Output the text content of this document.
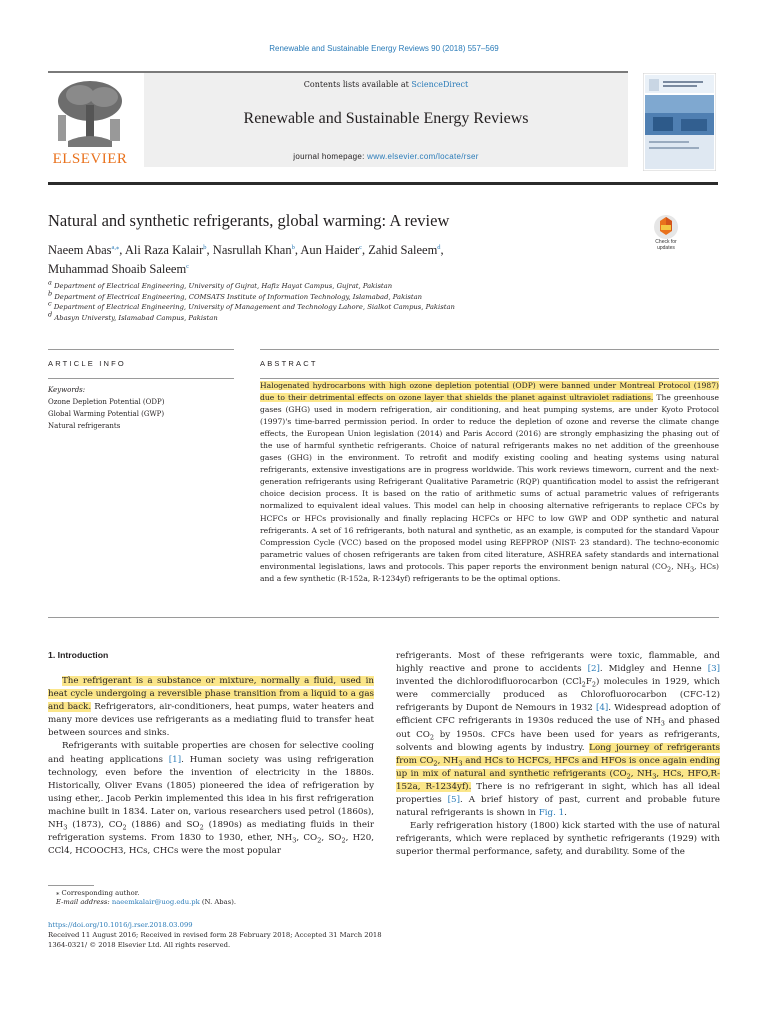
Renewable and Sustainable Energy Reviews 90 (2018) 557–569
ELSEVIER
Contents lists available at ScienceDirect
Renewable and Sustainable Energy Reviews
journal homepage: www.elsevier.com/locate/rser
Natural and synthetic refrigerants, global warming: A review
Check for updates
Naeem Abas$^{a,⁎}$, Ali Raza Kalair$^b$, Nasrullah Khan$^b$, Aun Haider$^c$, Zahid Saleem$^d$,
Muhammad Shoaib Saleem$^c$
$^a$ Department of Electrical Engineering, University of Gujrat, Hafiz Hayat Campus, Gujrat, Pakistan
$^b$ Department of Electrical Engineering, COMSATS Institute of Information Technology, Islamabad, Pakistan
$^c$ Department of Electrical Engineering, University of Management and Technology Lahore, Sialkot Campus, Pakistan
$^d$ Abasyn Universty, Islamabad Campus, Pakistan
ARTICLE INFO	ABSTRACT
Keywords:
Ozone Depletion Potential (ODP)
Global Warming Potential (GWP)
Natural refrigerants
Halogenated hydrocarbons with high ozone depletion potential (ODP) were banned under Montreal Protocol (1987) due to their detrimental effects on ozone layer that shields the planet against ultraviolet radiations. The greenhouse gases (GHG) used in modern refrigeration, air conditioning, and heat pumping systems, are under Kyoto Protocol (1997)'s time-barred permission period. In order to reduce the depletion of ozone and reverse the climate change effects, the European Union legislation (2014) and Paris Accord (2016) are strongly emphasizing the phasing out of the use of harmful synthetic refrigerants. Choice of natural refrigerants makes no net addition of the greenhouse gases (GHG) in the environment. To retrofit and modify existing cooling and heating systems using natural refrigerants, extensive investigations are in progress worldwide. This work reviews timeworn, current and the next-generation refrigerants using Refrigerant Qualitative Parametric (RQP) quantification model to assist the refrigerant choice decision process. It is based on the ratio of arithmetic sums of actual parametric values of refrigerants normalized to equivalent ideal values. This model can help in choosing alternative refrigerants to replace CFCs by HCFCs or HFCs provisionally and finally replacing HCFCs or HFC to low GWP and ODP synthetic and natural refrigerants. A set of 16 refrigerants, both natural and synthetic, as an example, is computed for the standard Vapour Compression Cycle (VCC) based on the proposed model using REFPROP (NIST- 23 standard). The techno-economic parametric values of chosen refrigerants are taken from cited literature, ASHREA safety standards and international environmental legislations, laws and protocols. This paper reports the environment benign natural ($CO_2$, $NH_3$, HCs) and a few synthetic (R-152a, R-1234yf) refrigerants to be the optimal options.
1. Introduction

The refrigerant is a substance or mixture, normally a fluid, used in heat cycle undergoing a reversible phase transition from a liquid to a gas and back. Refrigerators, air-conditioners, heat pumps, water heaters and many more devices use refrigerants as a mediating fluid to transfer heat between sources and sinks.

Refrigerants with suitable properties are chosen for selective cooling and heating applications [1]. Human society was using refrigeration technology, even before the invention of electricity in the 1880s. Historically, Oliver Evans (1805) pioneered the idea of refrigeration by using ether,. Jacob Perkin implemented this idea in his first refrigeration machine built in 1834. Later on, various researchers used petrol (1860s), $NH_3$ (1873), $CO_2$ (1886) and $SO_2$ (1890s) as mediating fluids in their refrigeration systems. From 1830 to 1930, ether, $NH_3$, $CO_2$, $SO_2$, H20, CCl4, HCOOCH3, HCs, CHCs were the most popular

refrigerants. Most of these refrigerants were toxic, flammable, and highly reactive and prone to accidents [2]. Midgley and Henne [3] invented the dichlorodifluorocarbon $(CCl_2F_2)$ molecules in 1929, which were commercially produced as Chlorofluorocarbon (CFC-12) refrigerants by Dupont de Nemours in 1932 [4]. Widespread adoption of efficient CFC refrigerants in 1930s reduced the use of $NH_3$ and phased out $CO_2$ by 1950s. CFCs have been used for years as refrigerants, solvents and blowing agents by industry. Long journey of refrigerants from $CO_2$, $NH_3$ and HCs to HCFCs, HFCs and HFOs is once again ending up in mix of natural and synthetic refrigerants ($CO_2$, $NH_3$, HCs, HFO,R-152a, R-1234yf). There is no refrigerant in sight, which has all ideal properties [5]. A brief history of past, current and probable future natural refrigerants is shown in Fig. 1.

Early refrigeration history (1800) kick started with the use of natural refrigerants, which were replaced by synthetic refrigerants (1929) with superior thermal performance, safety, and durability. Some of the

⁎ Corresponding author.
E-mail address: naeemkalair@uog.edu.pk (N. Abas).
https://doi.org/10.1016/j.rser.2018.03.099
Received 11 August 2016; Received in revised form 28 February 2018; Accepted 31 March 2018
1364-0321/ © 2018 Elsevier Ltd. All rights reserved.
